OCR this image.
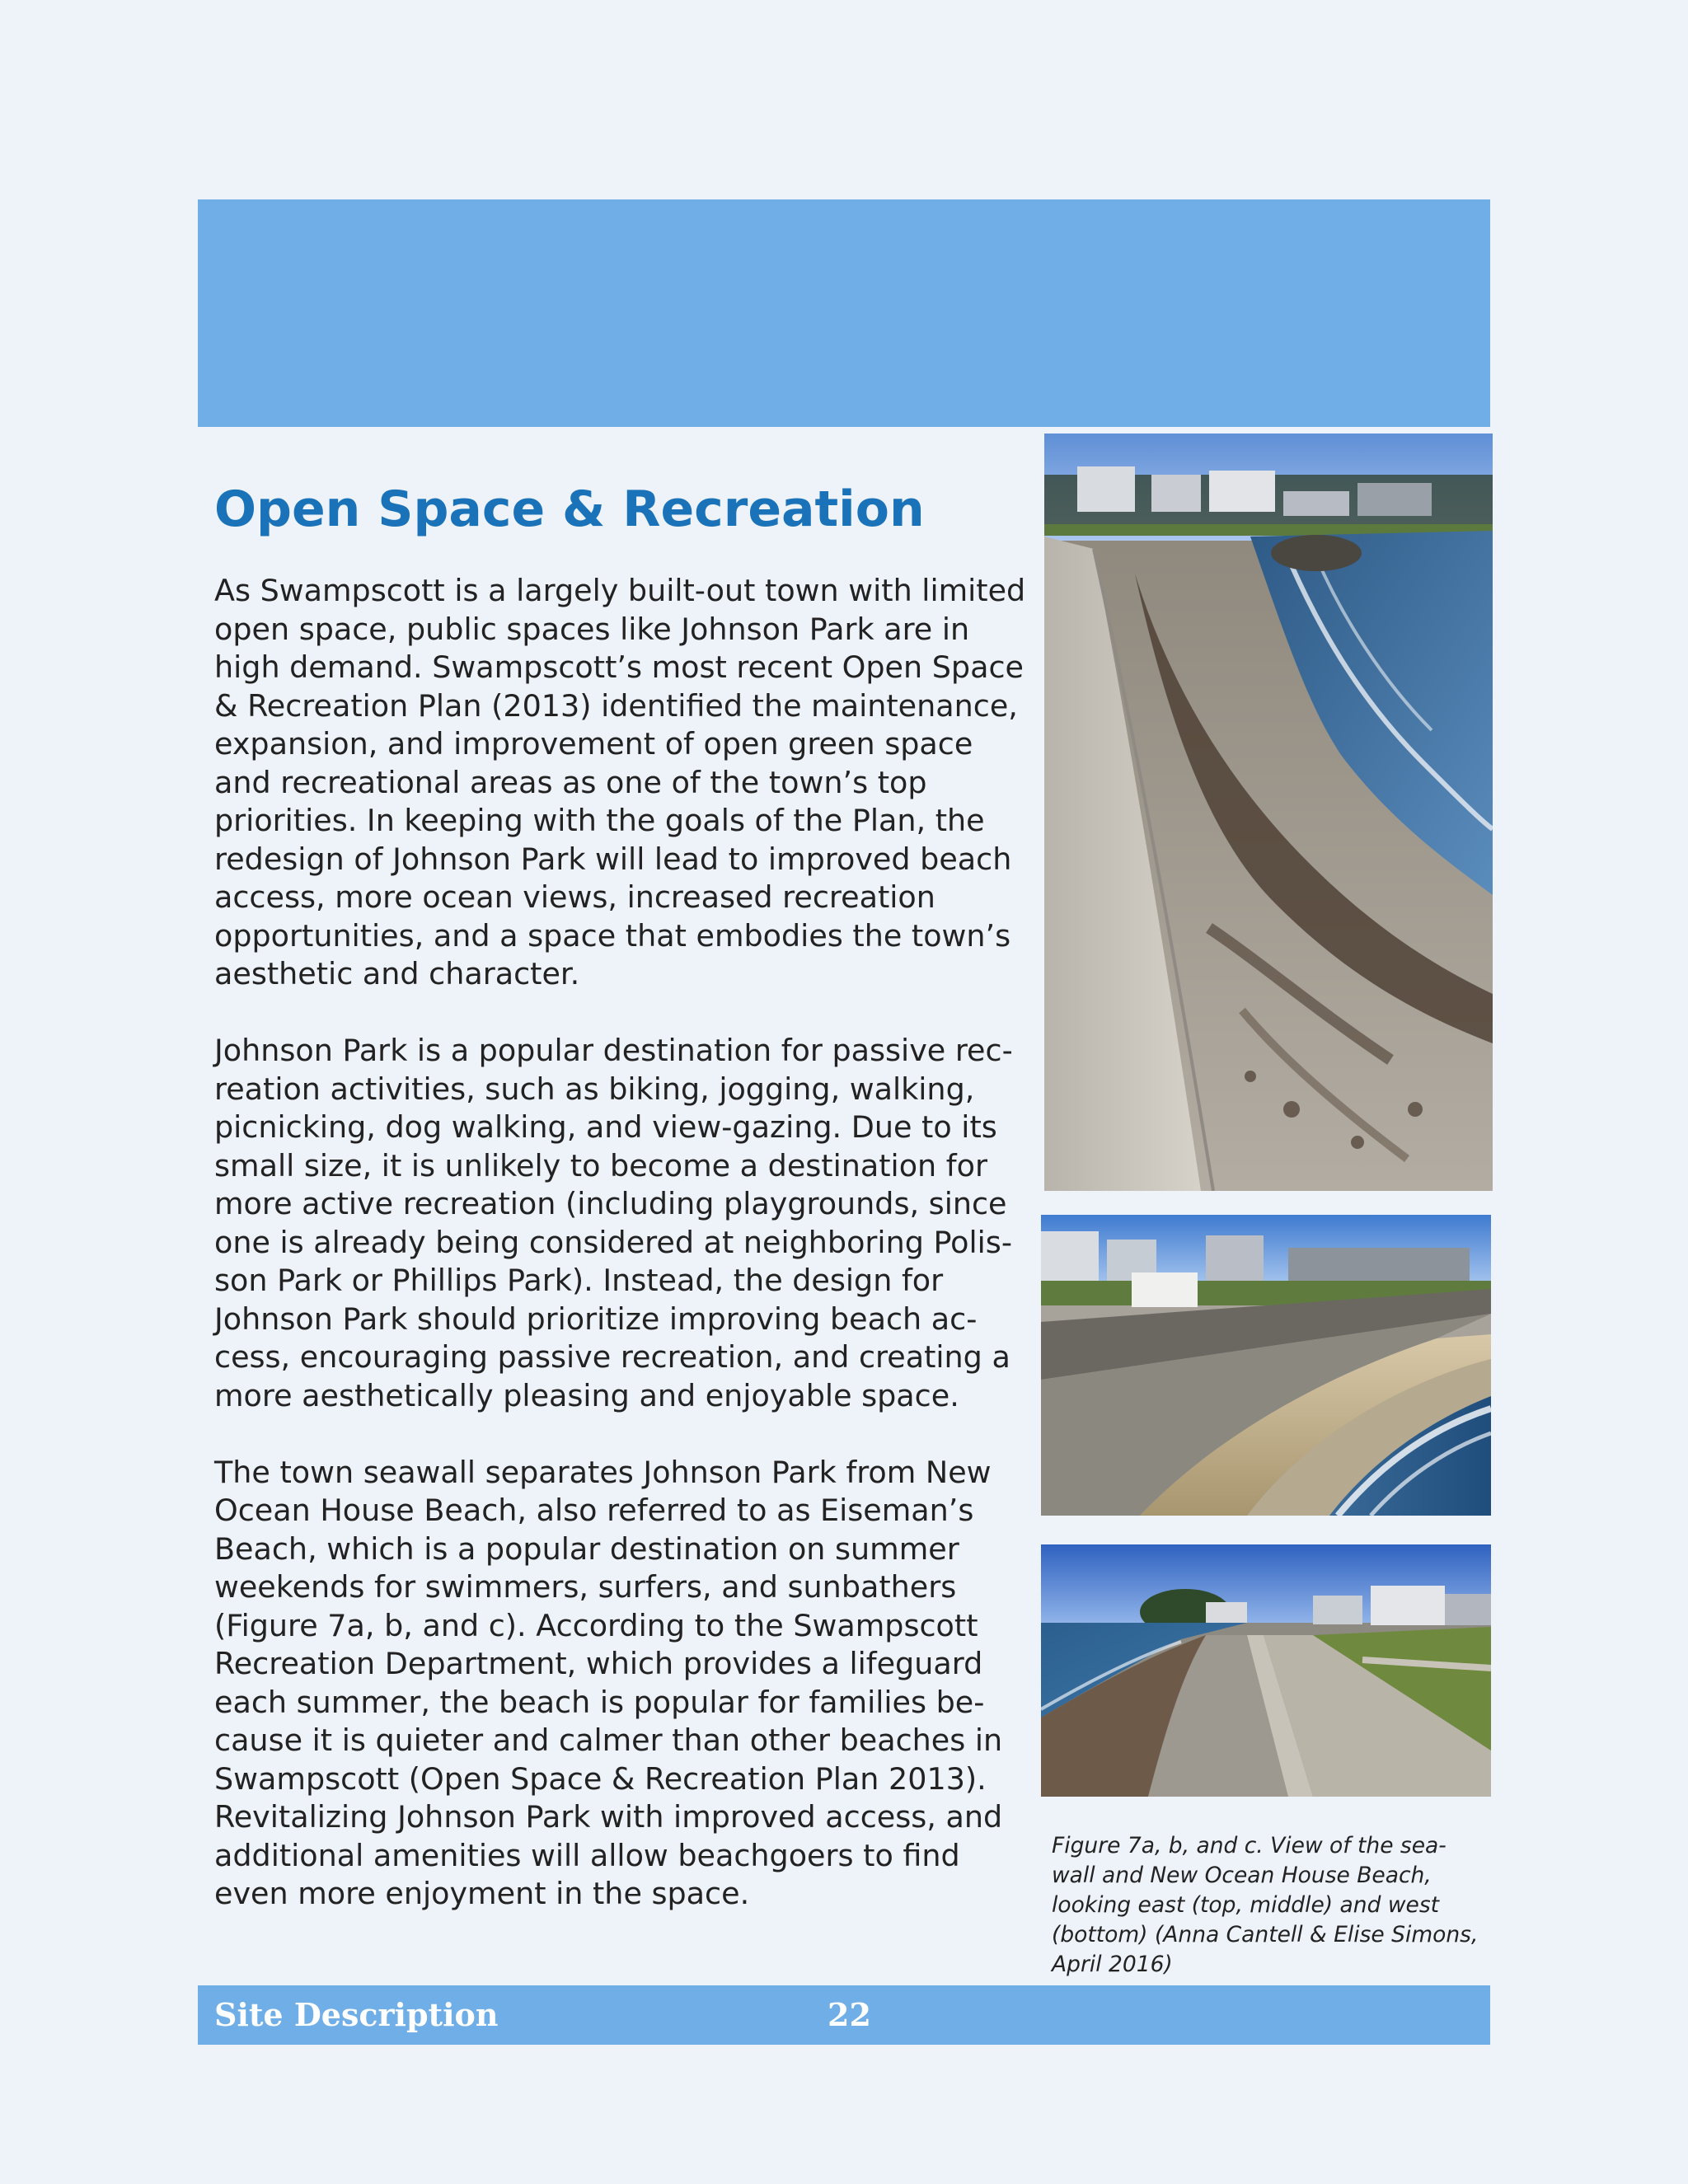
Open Space & Recreation

As Swampscott is a largely built-out town with limited open space, public spaces like Johnson Park are in high demand. Swampscott’s most recent Open Space & Recreation Plan (2013) identified the maintenance, expansion, and improvement of open green space and recreational areas as one of the town’s top priorities. In keeping with the goals of the Plan, the redesign of Johnson Park will lead to improved beach access, more ocean views, increased recreation opportunities, and a space that embodies the town’s aesthetic and character.

Johnson Park is a popular destination for passive recreation activities, such as biking, jogging, walking, picnicking, dog walking, and view-gazing. Due to its small size, it is unlikely to become a destination for more active recreation (including playgrounds, since one is already being considered at neighboring Polisson Park or Phillips Park). Instead, the design for Johnson Park should prioritize improving beach access, encouraging passive recreation, and creating a more aesthetically pleasing and enjoyable space.

The town seawall separates Johnson Park from New Ocean House Beach, also referred to as Eiseman’s Beach, which is a popular destination on summer weekends for swimmers, surfers, and sunbathers (Figure 7a, b, and c). According to the Swampscott Recreation Department, which provides a lifeguard each summer, the beach is popular for families because it is quieter and calmer than other beaches in Swampscott (Open Space & Recreation Plan 2013). Revitalizing Johnson Park with improved access, and additional amenities will allow beachgoers to find even more enjoyment in the space.

Figure 7a, b, and c. View of the seawall and New Ocean House Beach, looking east (top, middle) and west (bottom) (Anna Cantell & Elise Simons, April 2016)
Site Description	22
